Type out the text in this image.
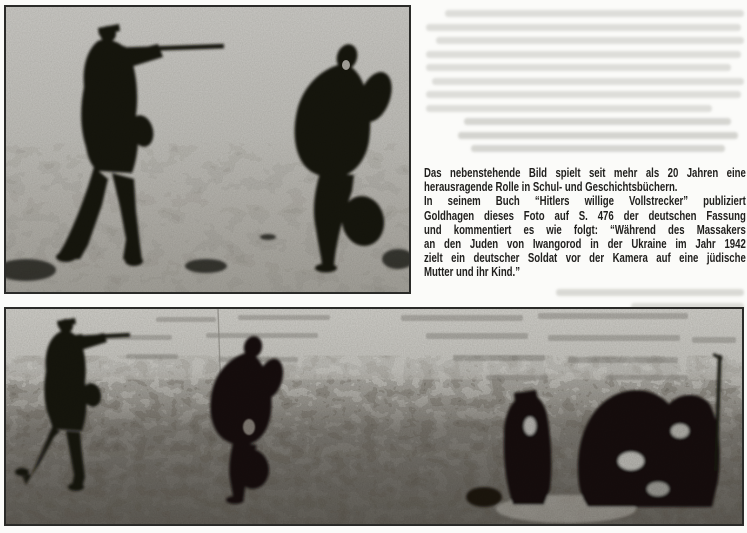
Das nebenstehende Bild spielt seit mehr als 20 Jahren eine
herausragende Rolle in Schul- und Geschichtsbüchern.
In seinem Buch “Hitlers willige Vollstrecker” publiziert
Goldhagen dieses Foto auf S. 476 der deutschen Fassung
und kommentiert es wie folgt: “Während des Massakers
an den Juden von Iwangorod in der Ukraine im Jahr 1942
zielt ein deutscher Soldat vor der Kamera auf eine jüdische
Mutter und ihr Kind.”
